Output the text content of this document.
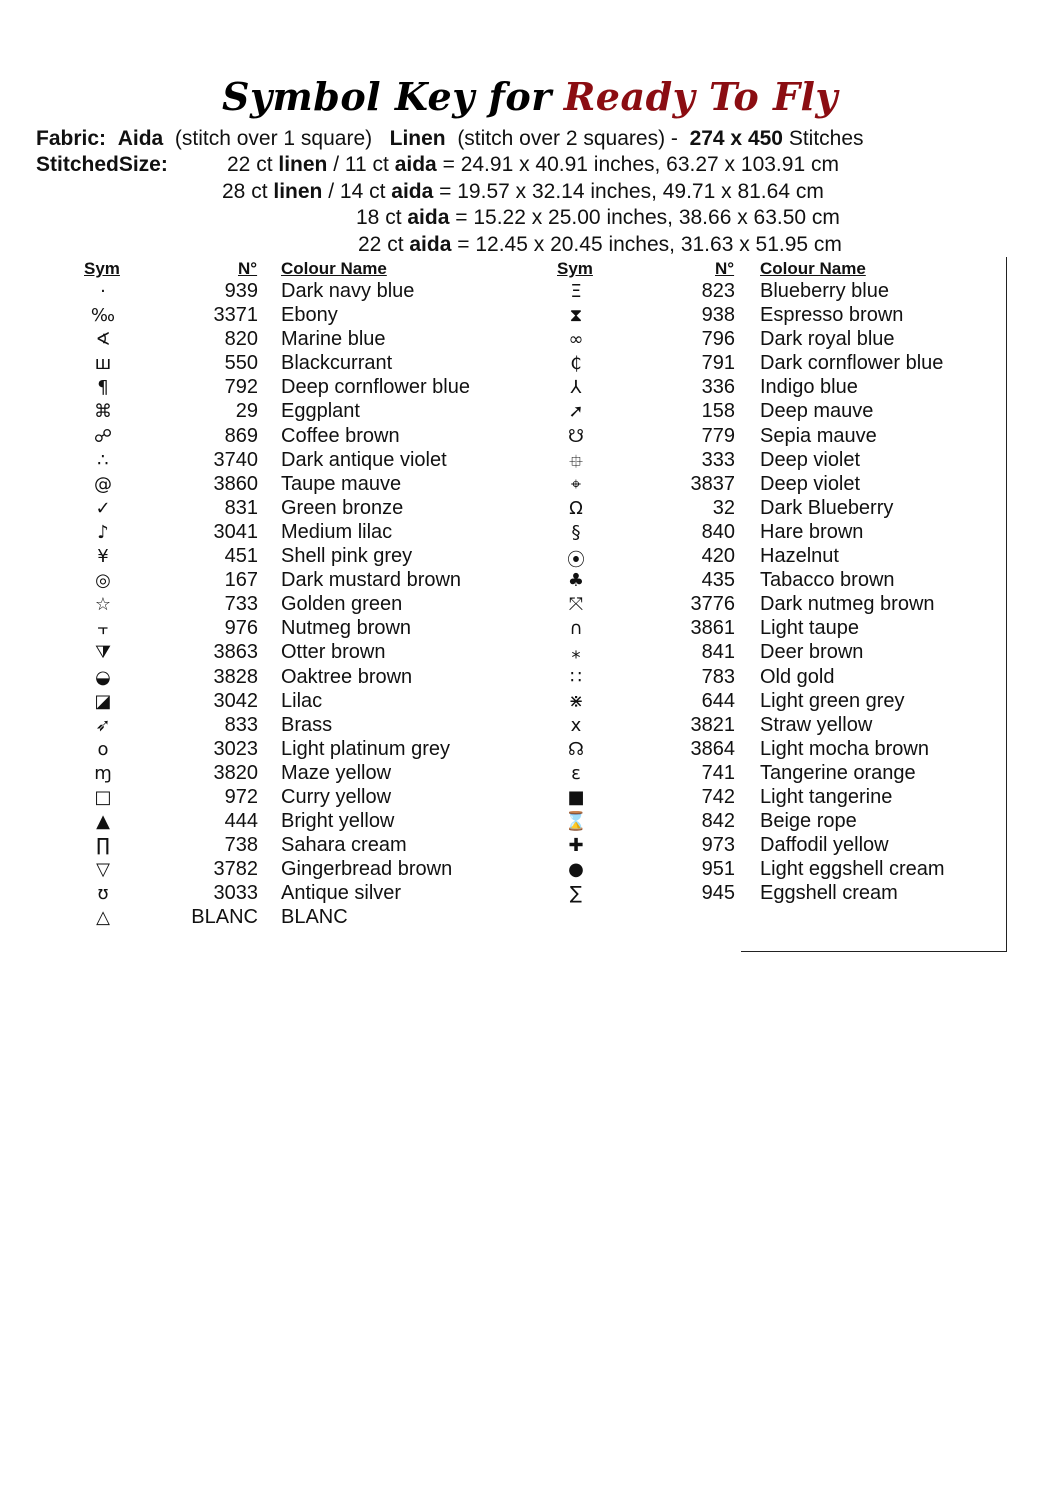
Symbol Key for Ready To Fly
Fabric: Aida (stitch over 1 square) Linen (stitch over 2 squares) - 274 x 450 Stitches
StitchedSize:	22 ct linen / 11 ct aida = 24.91 x 40.91 inches, 63.27 x 103.91 cm
28 ct linen / 14 ct aida = 19.57 x 32.14 inches, 49.71 x 81.64 cm
18 ct aida = 15.22 x 25.00 inches, 38.66 x 63.50 cm
22 ct aida = 12.45 x 20.45 inches, 31.63 x 51.95 cm
Sym	N° Colour Name	Sym	N° Colour Name
·	939 Dark navy blue
‰	3371 Ebony
∢	820 Marine blue
ш	550 Blackcurrant
¶	792 Deep cornflower blue
⌘	29 Eggplant
☍	869 Coffee brown
∴	3740 Dark antique violet
@	3860 Taupe mauve
✓	831 Green bronze
♪	3041 Medium lilac
¥	451 Shell pink grey
◎	167 Dark mustard brown
☆	733 Golden green
⫟	976 Nutmeg brown
⧩	3863 Otter brown
◒	3828 Oaktree brown
◪	3042 Lilac
➶	833 Brass
o	3023 Light platinum grey
ɱ	3820 Maze yellow
□	972 Curry yellow
▲	444 Bright yellow
∏	738 Sahara cream
▽	3782 Gingerbread brown
ʊ	3033 Antique silver
△	BLANC BLANC
Ξ	823 Blueberry blue
⧗	938 Espresso brown
∞	796 Dark royal blue
₵	791 Dark cornflower blue
⅄	336 Indigo blue
➚	158 Deep mauve
☋	779 Sepia mauve
⯐	333 Deep violet
⌖	3837 Deep violet
Ω	32 Dark Blueberry
§	840 Hare brown
⦿	420 Hazelnut
♣	435 Tabacco brown
⤧	3776 Dark nutmeg brown
∩	3861 Light taupe
⁎	841 Deer brown
∷	783 Old gold
⋇	644 Light green grey
x	3821 Straw yellow
☊	3864 Light mocha brown
ɛ	741 Tangerine orange
■	742 Light tangerine
⌛	842 Beige rope
✚	973 Daffodil yellow
●	951 Light eggshell cream
∑	945 Eggshell cream
